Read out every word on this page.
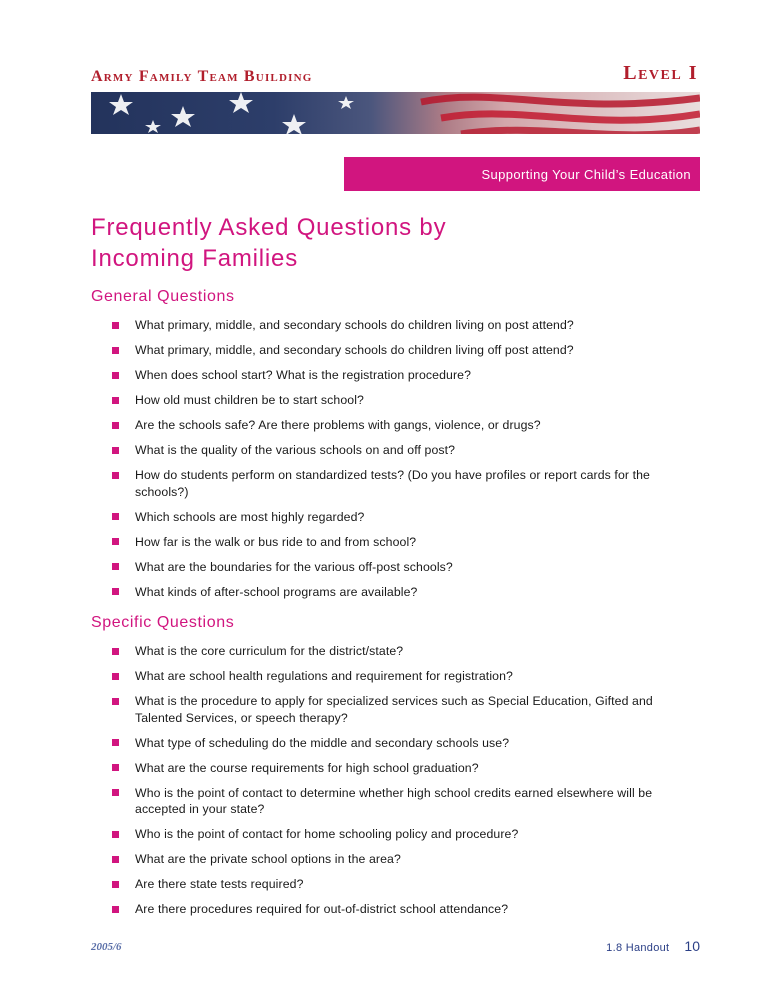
Army Family Team Building	Level I
Supporting Your Child’s Education
Frequently Asked Questions by
Incoming Families
General Questions
What primary, middle, and secondary schools do children living on post attend?
What primary, middle, and secondary schools do children living off post attend?
When does school start? What is the registration procedure?
How old must children be to start school?
Are the schools safe? Are there problems with gangs, violence, or drugs?
What is the quality of the various schools on and off post?
How do students perform on standardized tests? (Do you have profiles or report cards for the schools?)
Which schools are most highly regarded?
How far is the walk or bus ride to and from school?
What are the boundaries for the various off-post schools?
What kinds of after-school programs are available?
Specific Questions
What is the core curriculum for the district/state?
What are school health regulations and requirement for registration?
What is the procedure to apply for specialized services such as Special Education, Gifted and Talented Services, or speech therapy?
What type of scheduling do the middle and secondary schools use?
What are the course requirements for high school graduation?
Who is the point of contact to determine whether high school credits earned elsewhere will be accepted in your state?
Who is the point of contact for home schooling policy and procedure?
What are the private school options in the area?
Are there state tests required?
Are there procedures required for out-of-district school attendance?
2005/6	1.8 Handout 10
